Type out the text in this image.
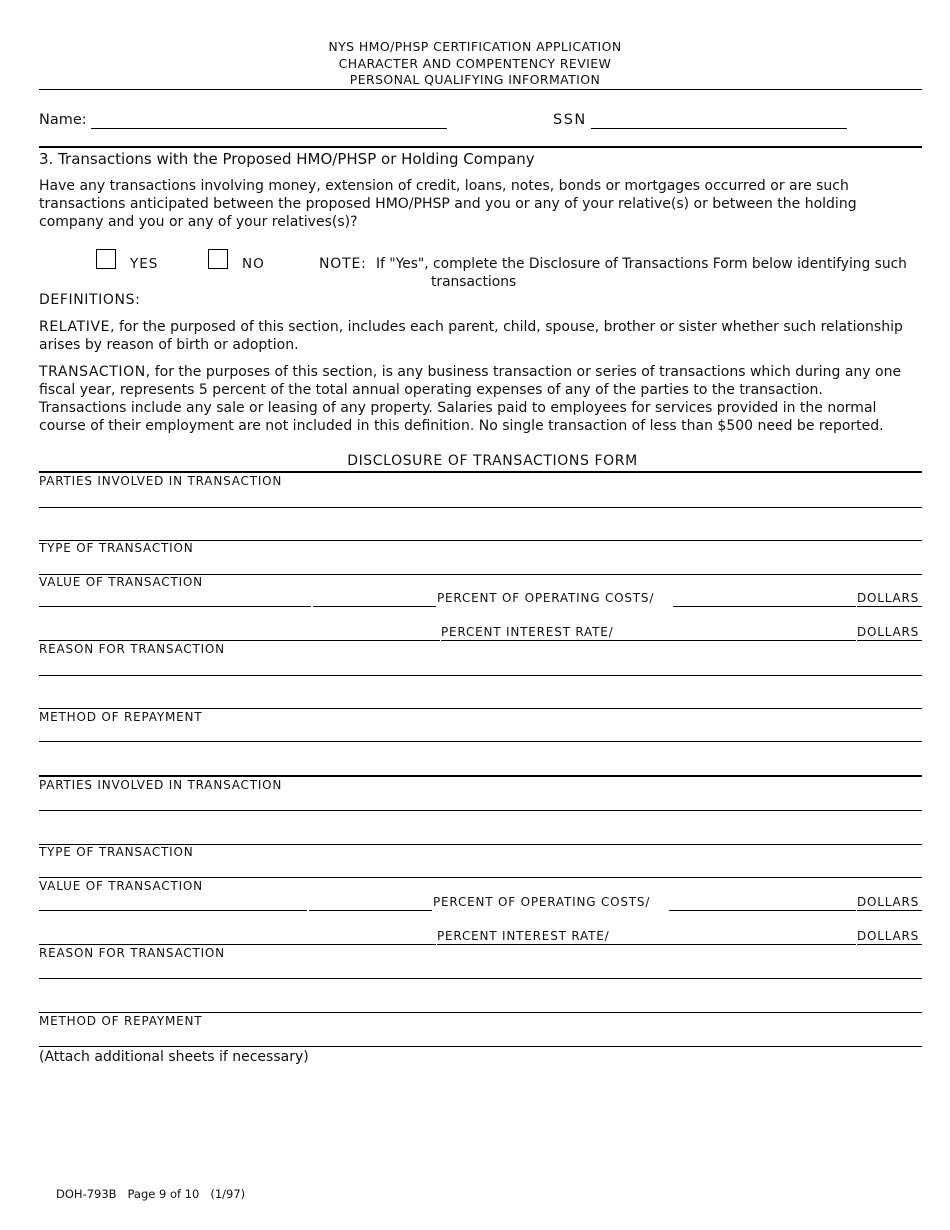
NYS HMO/PHSP CERTIFICATION APPLICATION
CHARACTER AND COMPENTENCY REVIEW
PERSONAL QUALIFYING INFORMATION
Name:	SSN
3. Transactions with the Proposed HMO/PHSP or Holding Company
Have any transactions involving money, extension of credit, loans, notes, bonds or mortgages occurred or are such transactions anticipated between the proposed HMO/PHSP and you or any of your relative(s) or between the holding company and you or any of your relatives(s)?
YES	NO	NOTE: If "Yes", complete the Disclosure of Transactions Form below identifying such
transactions
DEFINITIONS:
RELATIVE, for the purposed of this section, includes each parent, child, spouse, brother or sister whether such relationship arises by reason of birth or adoption.
TRANSACTION, for the purposes of this section, is any business transaction or series of transactions which during any one fiscal year, represents 5 percent of the total annual operating expenses of any of the parties to the transaction. Transactions include any sale or leasing of any property. Salaries paid to employees for services provided in the normal course of their employment are not included in this definition. No single transaction of less than $500 need be reported.
DISCLOSURE OF TRANSACTIONS FORM
PARTIES INVOLVED IN TRANSACTION
TYPE OF TRANSACTION
VALUE OF TRANSACTION
PERCENT OF OPERATING COSTS/	DOLLARS
PERCENT INTEREST RATE/	DOLLARS
REASON FOR TRANSACTION
METHOD OF REPAYMENT
PARTIES INVOLVED IN TRANSACTION
TYPE OF TRANSACTION
VALUE OF TRANSACTION
PERCENT OF OPERATING COSTS/	DOLLARS
PERCENT INTEREST RATE/	DOLLARS
REASON FOR TRANSACTION
METHOD OF REPAYMENT
(Attach additional sheets if necessary)
DOH-793B Page 9 of 10 (1/97)
